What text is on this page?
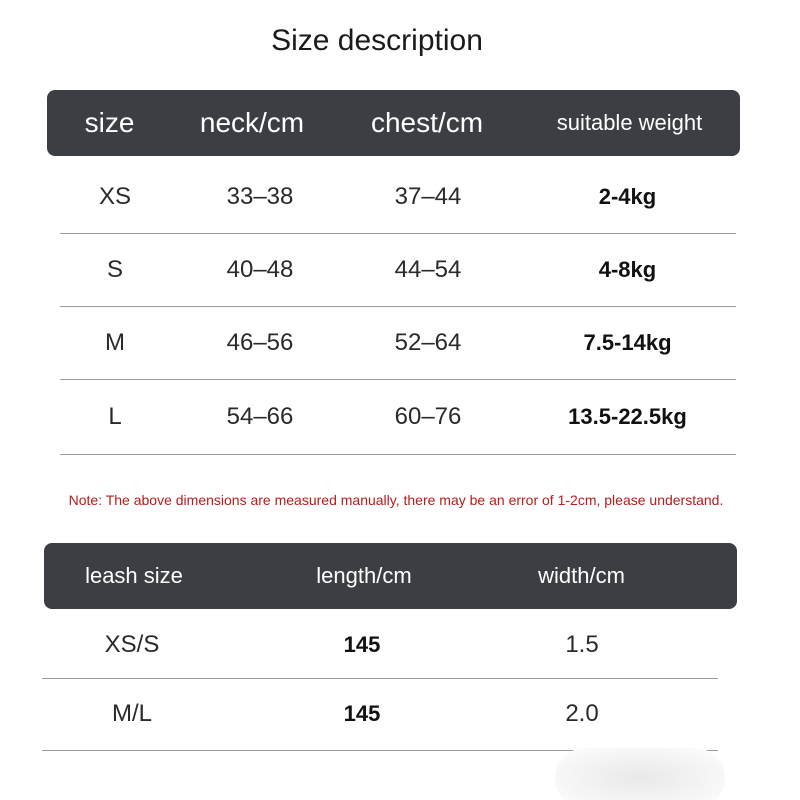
Size description
size	neck/cm	chest/cm	suitable weight
XS	33–38	37–44	2-4kg
S	40–48	44–54	4-8kg
M	46–56	52–64	7.5-14kg
L	54–66	60–76	13.5-22.5kg
Note: The above dimensions are measured manually, there may be an error of 1-2cm, please understand.
leash size	length/cm	width/cm
XS/S	145	1.5
M/L	145	2.0
